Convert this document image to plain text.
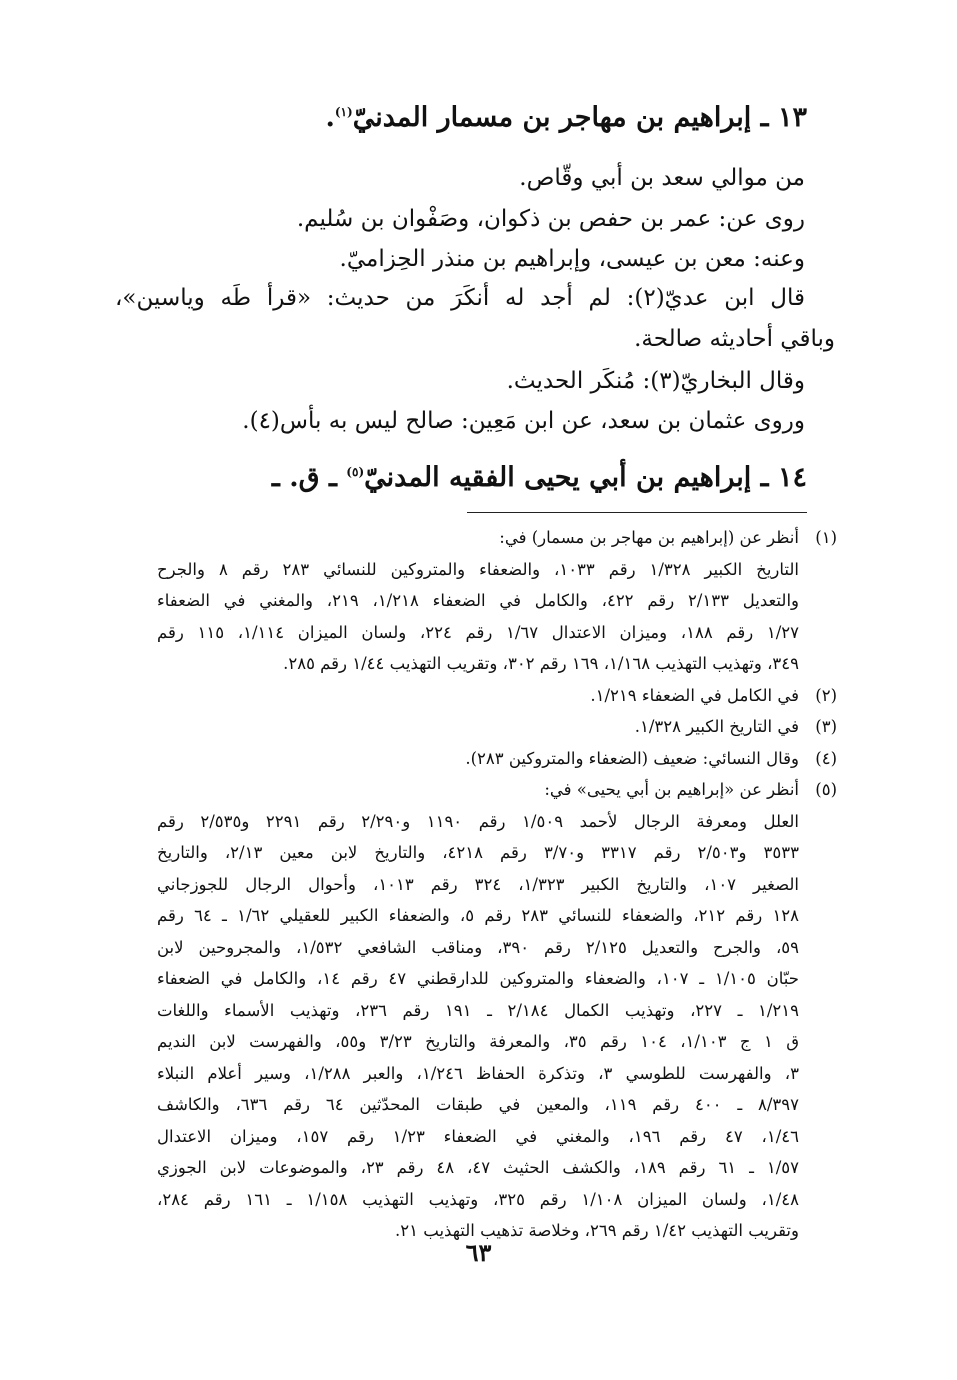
١٣ ـ إبراهيم بن مهاجر بن مسمار المدنيّ$^{(١)}$.
من موالي سعد بن أبي وقّاص.
روى عن: عمر بن حفص بن ذكوان، وصَفْوان بن سُليم.
وعنه: معن بن عيسى، وإبراهيم بن منذر الحِزاميّ.
قال ابن عديّ(٢): لم أجد له أنكَرَ من حديث: «قرأ طَه وياسين»،
وباقي أحاديثه صالحة.
وقال البخاريّ(٣): مُنكَر الحديث.
وروى عثمان بن سعد، عن ابن مَعِين: صالح ليس به بأس(٤).
١٤ ـ إبراهيم بن أبي يحيى الفقيه المدنيّ$^{(٥)}$ ـ ق. ـ
(١)
أنظر عن (إبراهيم بن مهاجر بن مسمار) في:
التاريخ الكبير ١/٣٢٨ رقم ١٠٣٣، والضعفاء والمتروكين للنسائي ٢٨٣ رقم ٨ والجرح
والتعديل ٢/١٣٣ رقم ٤٢٢، والكامل في الضعفاء ١/٢١٨، ٢١٩، والمغني في الضعفاء
١/٢٧ رقم ١٨٨، وميزان الاعتدال ١/٦٧ رقم ٢٢٤، ولسان الميزان ١/١١٤، ١١٥ رقم
٣٤٩، وتهذيب التهذيب ١/١٦٨، ١٦٩ رقم ٣٠٢، وتقريب التهذيب ١/٤٤ رقم ٢٨٥.
(٢)
في الكامل في الضعفاء ١/٢١٩.
(٣)
في التاريخ الكبير ١/٣٢٨.
(٤)
وقال النسائي: ضعيف (الضعفاء والمتروكين ٢٨٣).
(٥)
أنظر عن «إبراهيم بن أبي يحيى» في:
العلل ومعرفة الرجال لأحمد ١/٥٠٩ رقم ١١٩٠ و٢/٢٩٠ رقم ٢٢٩١ و٢/٥٣٥ رقم
٣٥٣٣ و٢/٥٠٣ رقم ٣٣١٧ و٣/٧٠ رقم ٤٢١٨، والتاريخ لابن معين ٢/١٣، والتاريخ
الصغير ١٠٧، والتاريخ الكبير ١/٣٢٣، ٣٢٤ رقم ١٠١٣، وأحوال الرجال للجوزجاني
١٢٨ رقم ٢١٢، والضعفاء للنسائي ٢٨٣ رقم ٥، والضعفاء الكبير للعقيلي ١/٦٢ ـ ٦٤ رقم
٥٩، والجرح والتعديل ٢/١٢٥ رقم ٣٩٠، ومناقب الشافعي ١/٥٣٢، والمجروحين لابن
حبّان ١/١٠٥ ـ ١٠٧، والضعفاء والمتروكين للدارقطني ٤٧ رقم ١٤، والكامل في الضعفاء
١/٢١٩ ـ ٢٢٧، وتهذيب الكمال ٢/١٨٤ ـ ١٩١ رقم ٢٣٦، وتهذيب الأسماء واللغات
ق ١ ج ١/١٠٣، ١٠٤ رقم ٣٥، والمعرفة والتاريخ ٣/٢٣ و٥٥، والفهرست لابن النديم
٣، والفهرست للطوسي ٣، وتذكرة الحفاظ ١/٢٤٦، والعبر ١/٢٨٨، وسير أعلام النبلاء
٨/٣٩٧ ـ ٤٠٠ رقم ١١٩، والمعين في طبقات المحدّثين ٦٤ رقم ٦٣٦، والكاشف
١/٤٦، ٤٧ رقم ١٩٦، والمغني في الضعفاء ١/٢٣ رقم ١٥٧، وميزان الاعتدال
١/٥٧ ـ ٦١ رقم ١٨٩، والكشف الحثيث ٤٧، ٤٨ رقم ٢٣، والموضوعات لابن الجوزي
١/٤٨، ولسان الميزان ١/١٠٨ رقم ٣٢٥، وتهذيب التهذيب ١/١٥٨ ـ ١٦١ رقم ٢٨٤،
وتقريب التهذيب ١/٤٢ رقم ٢٦٩، وخلاصة تذهيب التهذيب ٢١.
٦٣
